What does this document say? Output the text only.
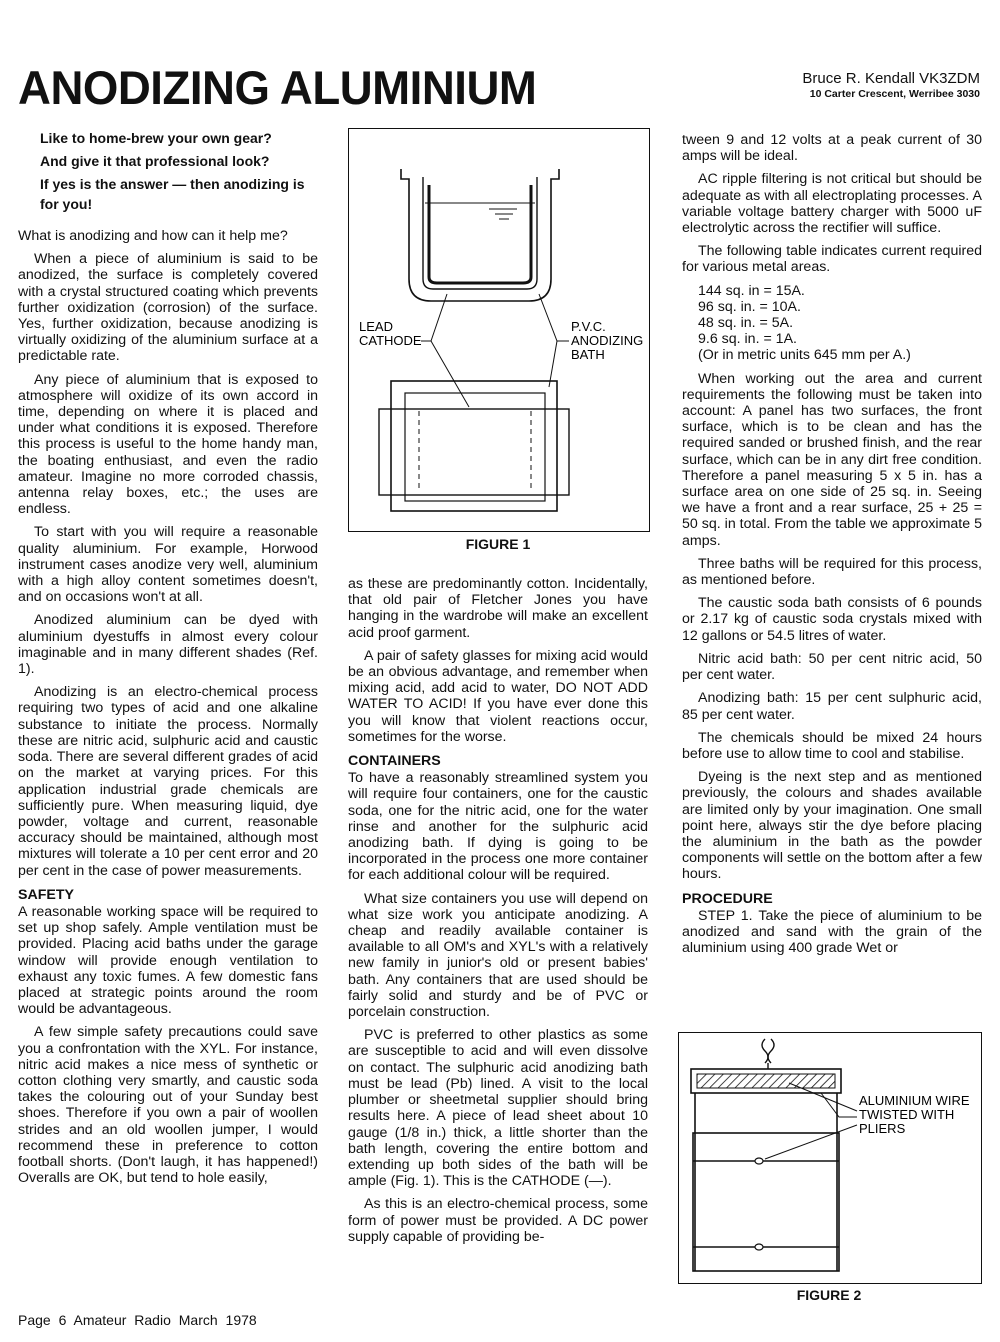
ANODIZING ALUMINIUM	Bruce R. Kendall VK3ZDM
10 Carter Crescent, Werribee 3030

Like to home-brew your own gear?

And give it that professional look?

If yes is the answer — then anodizing is for you!

What is anodizing and how can it help me?

When a piece of aluminium is said to be anodized, the surface is completely covered with a crystal structured coating which prevents further oxidization (corrosion) of the surface. Yes, further oxidization, because anodizing is virtually oxidizing of the aluminium surface at a predictable rate.

Any piece of aluminium that is exposed to atmosphere will oxidize of its own accord in time, depending on where it is placed and under what conditions it is exposed. Therefore this process is useful to the home handy man, the boating enthusiast, and even the radio amateur. Imagine no more corroded chassis, antenna relay boxes, etc.; the uses are endless.

To start with you will require a reasonable quality aluminium. For example, Horwood instrument cases anodize very well, aluminium with a high alloy content sometimes doesn't, and on occasions won't at all.

Anodized aluminium can be dyed with aluminium dyestuffs in almost every colour imaginable and in many different shades (Ref. 1).

Anodizing is an electro-chemical process requiring two types of acid and one alkaline substance to initiate the process. Normally these are nitric acid, sulphuric acid and caustic soda. There are several different grades of acid on the market at varying prices. For this application industrial grade chemicals are sufficiently pure. When measuring liquid, dye powder, voltage and current, reasonable accuracy should be maintained, although most mixtures will tolerate a 10 per cent error and 20 per cent in the case of power measurements.

SAFETY

A reasonable working space will be required to set up shop safely. Ample ventilation must be provided. Placing acid baths under the garage window will provide enough ventilation to exhaust any toxic fumes. A few domestic fans placed at strategic points around the room would be advantageous.

A few simple safety precautions could save you a confrontation with the XYL. For instance, nitric acid makes a nice mess of synthetic or cotton clothing very smartly, and caustic soda takes the colouring out of your Sunday best shoes. Therefore if you own a pair of woollen strides and an old woollen jumper, I would recommend these in preference to cotton football shorts. (Don't laugh, it has happened!) Overalls are OK, but tend to hole easily,

LEAD
CATHODE
P.V.C.
ANODIZING
BATH
FIGURE 1

as these are predominantly cotton. Incidentally, that old pair of Fletcher Jones you have hanging in the wardrobe will make an excellent acid proof garment.

A pair of safety glasses for mixing acid would be an obvious advantage, and remember when mixing acid, add acid to water, DO NOT ADD WATER TO ACID! If you have ever done this you will know that violent reactions occur, sometimes for the worse.

CONTAINERS

To have a reasonably streamlined system you will require four containers, one for the caustic soda, one for the nitric acid, one for the water rinse and another for the sulphuric acid anodizing bath. If dying is going to be incorporated in the process one more container for each additional colour will be required.

What size containers you use will depend on what size work you anticipate anodizing. A cheap and readily available container is available to all OM's and XYL's with a relatively new family in junior's old or present babies' bath. Any containers that are used should be fairly solid and sturdy and be of PVC or porcelain construction.

PVC is preferred to other plastics as some are susceptible to acid and will even dissolve on contact. The sulphuric acid anodizing bath must be lead (Pb) lined. A visit to the local plumber or sheetmetal supplier should bring results here. A piece of lead sheet about 10 gauge (1/8 in.) thick, a little shorter than the bath length, covering the entire bottom and extending up both sides of the bath will be ample (Fig. 1). This is the CATHODE (—).

As this is an electro-chemical process, some form of power must be provided. A DC power supply capable of providing be-

tween 9 and 12 volts at a peak current of 30 amps will be ideal.

AC ripple filtering is not critical but should be adequate as with all electroplating processes. A variable voltage battery charger with 5000 uF electrolytic across the rectifier will suffice.

The following table indicates current required for various metal areas.

144 sq. in = 15A.
96 sq. in. = 10A.
48 sq. in. = 5A.
9.6 sq. in. = 1A.
(Or in metric units 645 mm per A.)

When working out the area and current requirements the following must be taken into account: A panel has two surfaces, the front surface, which is to be clean and has the required sanded or brushed finish, and the rear surface, which can be in any dirt free condition. Therefore a panel measuring 5 x 5 in. has a surface area on one side of 25 sq. in. Seeing we have a front and a rear surface, 25 + 25 = 50 sq. in total. From the table we approximate 5 amps.

Three baths will be required for this process, as mentioned before.

The caustic soda bath consists of 6 pounds or 2.17 kg of caustic soda crystals mixed with 12 gallons or 54.5 litres of water.

Nitric acid bath: 50 per cent nitric acid, 50 per cent water.

Anodizing bath: 15 per cent sulphuric acid, 85 per cent water.

The chemicals should be mixed 24 hours before use to allow time to cool and stabilise.

Dyeing is the next step and as mentioned previously, the colours and shades available are limited only by your imagination. One small point here, always stir the dye before placing the aluminium in the bath as the powder components will settle on the bottom after a few hours.

PROCEDURE

STEP 1. Take the piece of aluminium to be anodized and sand with the grain of the aluminium using 400 grade Wet or

ALUMINIUM WIRE
TWISTED WITH
PLIERS
FIGURE 2
Page 6 Amateur Radio March 1978
